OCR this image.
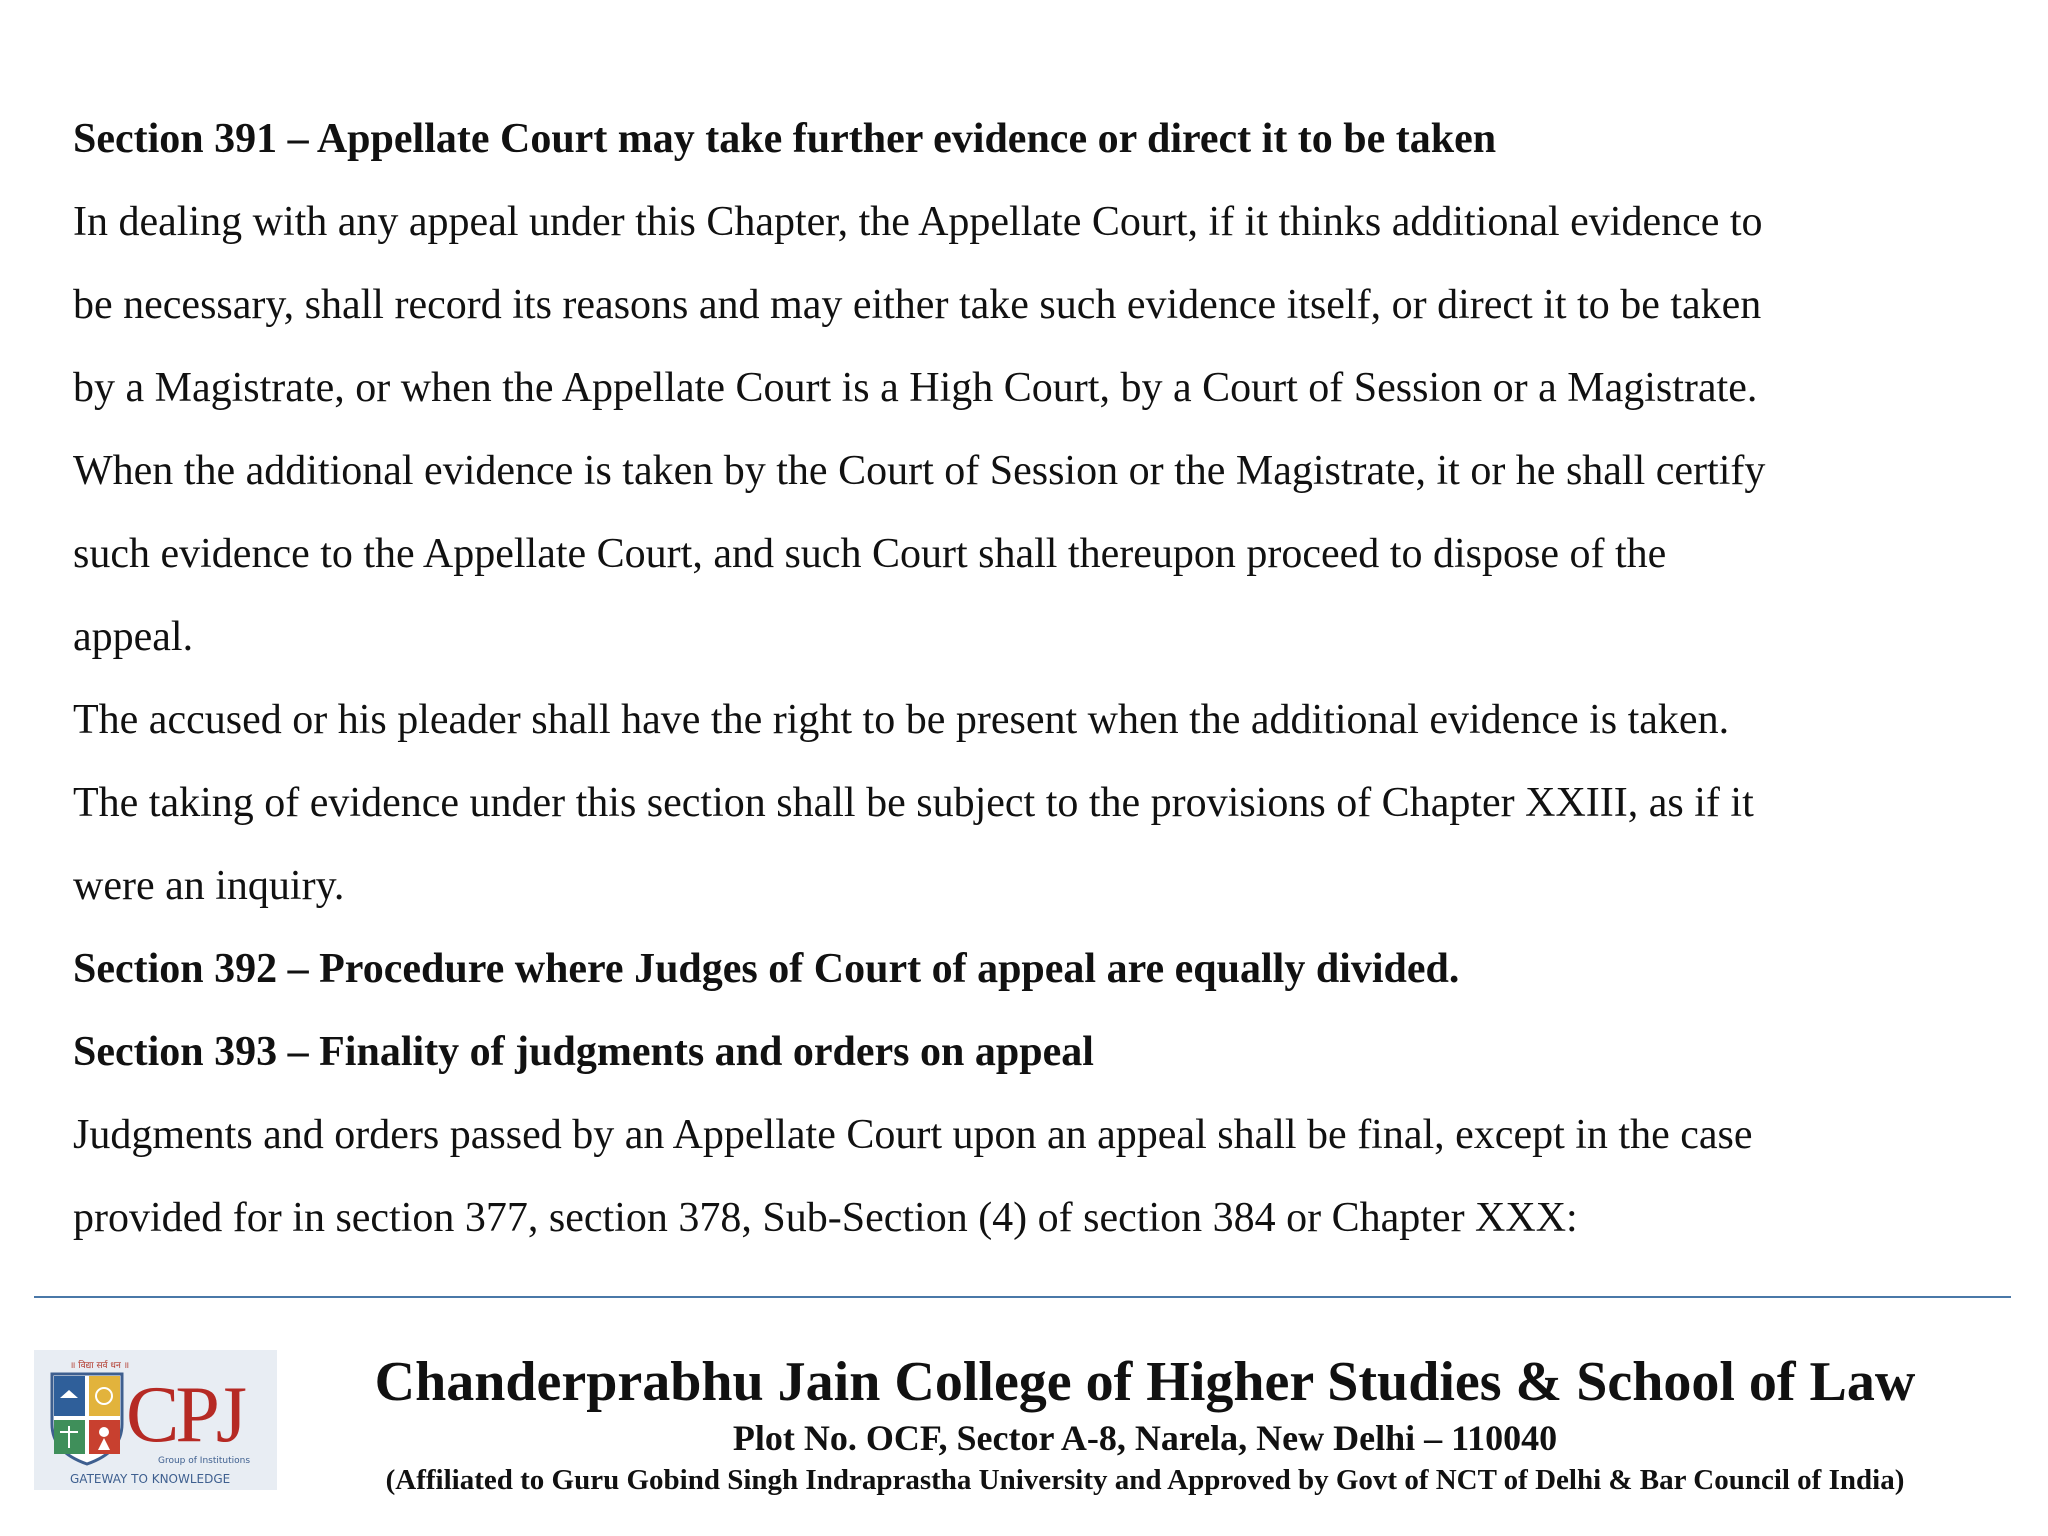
Section 391 – Appellate Court may take further evidence or direct it to be taken
In dealing with any appeal under this Chapter, the Appellate Court, if it thinks additional evidence to
be necessary, shall record its reasons and may either take such evidence itself, or direct it to be taken
by a Magistrate, or when the Appellate Court is a High Court, by a Court of Session or a Magistrate.
When the additional evidence is taken by the Court of Session or the Magistrate, it or he shall certify
such evidence to the Appellate Court, and such Court shall thereupon proceed to dispose of the
appeal.
The accused or his pleader shall have the right to be present when the additional evidence is taken.
The taking of evidence under this section shall be subject to the provisions of Chapter XXIII, as if it
were an inquiry.
Section 392 – Procedure where Judges of Court of appeal are equally divided.
Section 393 – Finality of judgments and orders on appeal
Judgments and orders passed by an Appellate Court upon an appeal shall be final, except in the case
provided for in section 377, section 378, Sub-Section (4) of section 384 or Chapter XXX:
॥ विद्या सर्व धन ॥
CPJ
Group of Institutions
GATEWAY TO KNOWLEDGE
Chanderprabhu Jain College of Higher Studies & School of Law
Plot No. OCF, Sector A-8, Narela, New Delhi – 110040
(Affiliated to Guru Gobind Singh Indraprastha University and Approved by Govt of NCT of Delhi & Bar Council of India)
